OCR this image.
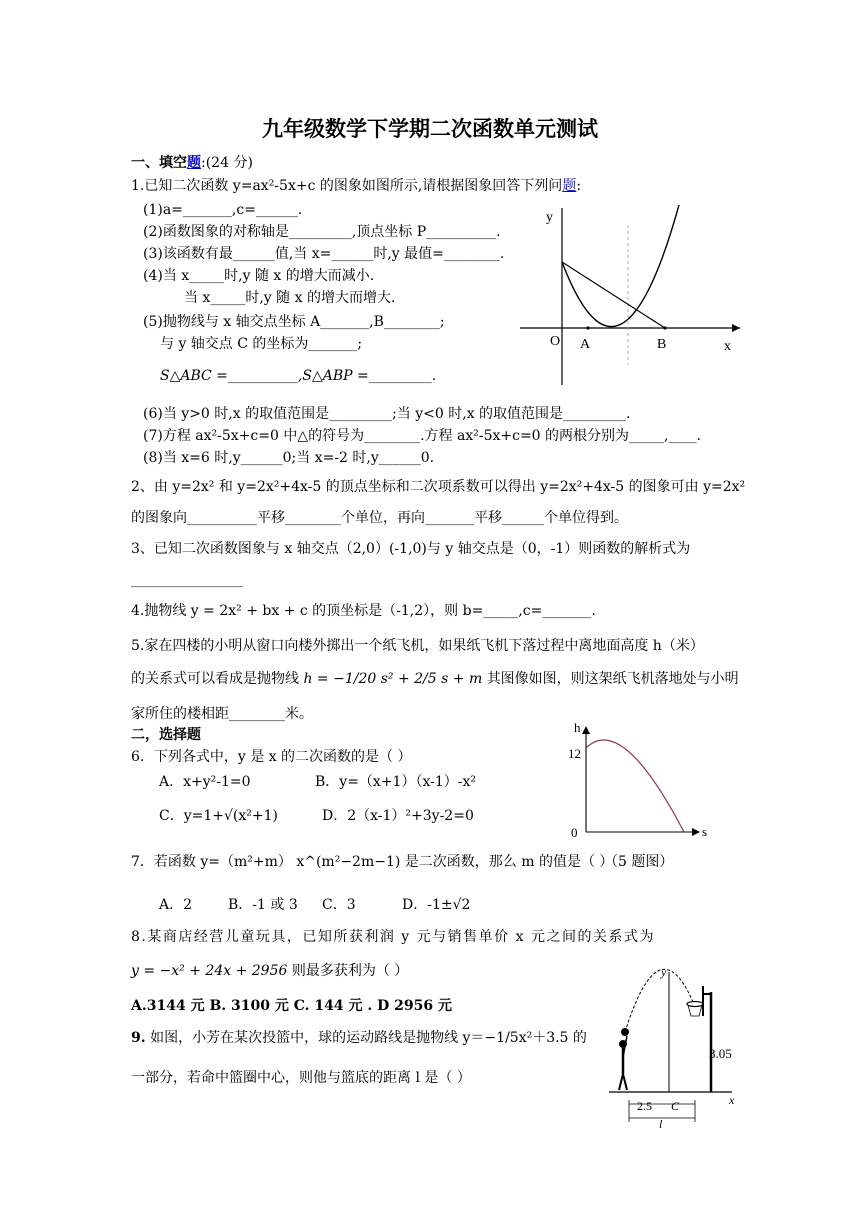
九年级数学下学期二次函数单元测试
一、填空题:(24 分)
1.已知二次函数 y=ax²-5x+c 的图象如图所示,请根据图象回答下列问题:
(1)a=_______,c=______.
(2)函数图象的对称轴是_________,顶点坐标 P__________.
(3)该函数有最______值,当 x=______时,y 最值=________.
(4)当 x_____时,y 随 x 的增大而减小.
当 x_____时,y 随 x 的增大而增大.
(5)抛物线与 x 轴交点坐标 A_______,B________;
与 y 轴交点 C 的坐标为_______;
S△ABC =__________,S△ABP =_________.
(6)当 y>0 时,x 的取值范围是_________;当 y<0 时,x 的取值范围是_________.
(7)方程 ax²-5x+c=0 中△的符号为________.方程 ax²-5x+c=0 的两根分别为_____,____.
(8)当 x=6 时,y______0;当 x=-2 时,y______0.
y
x
O A	B
2、由 y=2x² 和 y=2x²+4x-5 的顶点坐标和二次项系数可以得出 y=2x²+4x-5 的图象可由 y=2x²
的图象向__________平移________个单位，再向_______平移______个单位得到。
3、已知二次函数图象与 x 轴交点（2,0）(-1,0)与 y 轴交点是（0，-1）则函数的解析式为
________________
4.抛物线 y = 2x² + bx + c 的顶坐标是（-1,2），则 b=_____,c=_______.
5.家在四楼的小明从窗口向楼外掷出一个纸飞机，如果纸飞机下落过程中离地面高度 h（米）
的关系式可以看成是抛物线 h = −1/20 s² + 2/5 s + m 其图像如图，则这架纸飞机落地处与小明
家所住的楼相距________米。
二，选择题	h
12
0	s
（5 题图）
6．下列各式中，y 是 x 的二次函数的是（ ）
A．x+y²-1=0	B．y=（x+1）（x-1）-x²
C．y=1+√(x²+1)	D．2（x-1）²+3y-2=0
7．若函数 y=（m²+m） x^(m²−2m−1) 是二次函数，那么 m 的值是（ ）
A．2	B．-1 或 3 C．3	D．-1±√2
8.某商店经营儿童玩具，已知所获利润 y 元与销售单价 x 元之间的关系式为
y = −x² + 24x + 2956 则最多获利为（ ）
A.3144 元 B. 3100 元 C. 144 元 . D 2956 元
9. 如图，小芳在某次投篮中，球的运动路线是抛物线 y＝−1/5x²＋3.5 的
一部分，若命中篮圈中心，则他与篮底的距离 l 是（ ）
3.05
x
y
2.5 C
l
